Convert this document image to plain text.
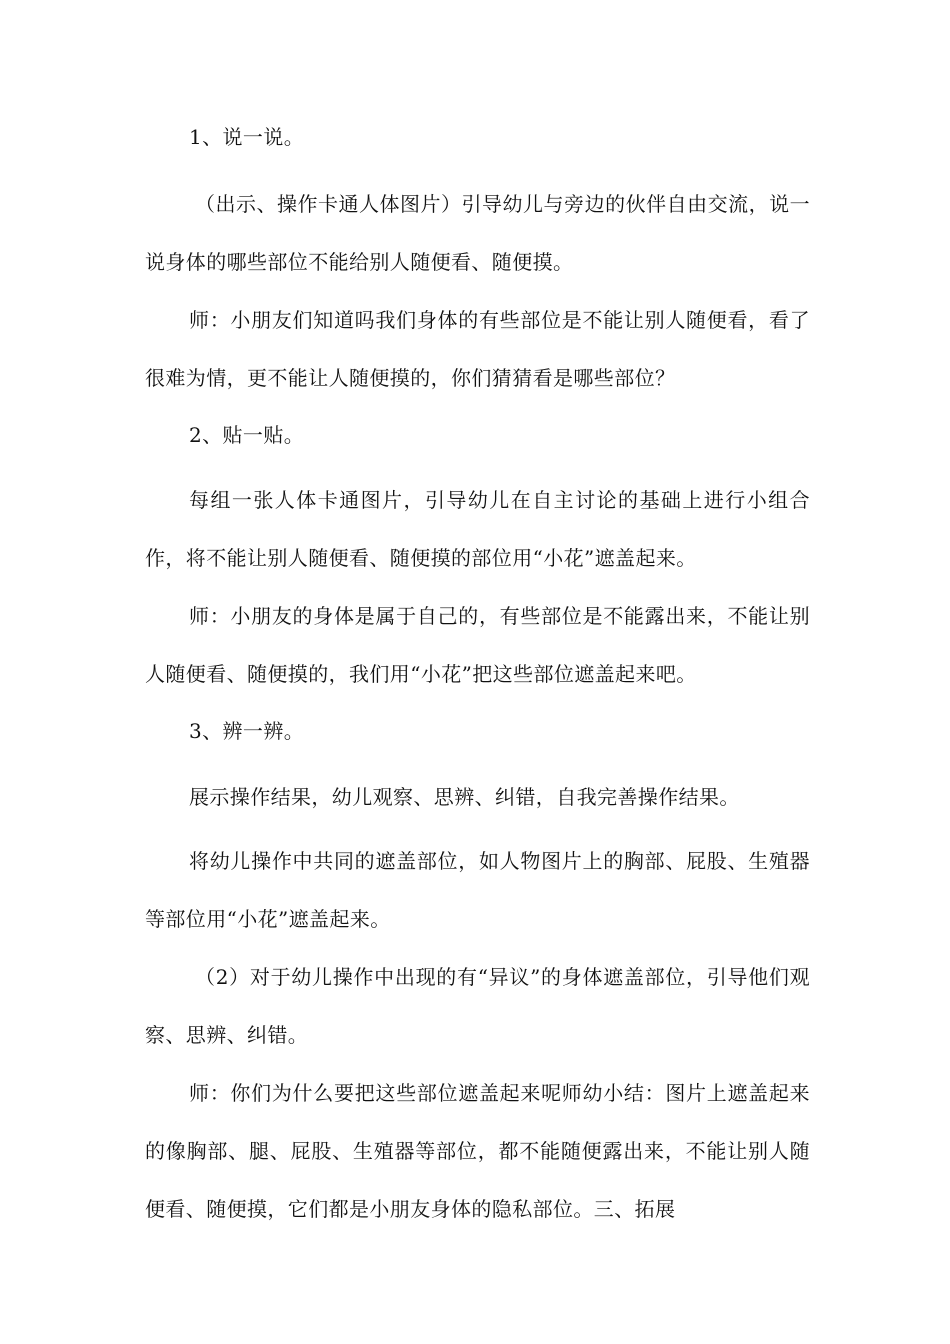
1、说一说。

（出示、操作卡通人体图片）引导幼儿与旁边的伙伴自由交流，说一说身体的哪些部位不能给别人随便看、随便摸。

师：小朋友们知道吗我们身体的有些部位是不能让别人随便看，看了很难为情，更不能让人随便摸的，你们猜猜看是哪些部位？

2、贴一贴。

每组一张人体卡通图片，引导幼儿在自主讨论的基础上进行小组合作，将不能让别人随便看、随便摸的部位用“小花”遮盖起来。

师：小朋友的身体是属于自己的，有些部位是不能露出来，不能让别人随便看、随便摸的，我们用“小花”把这些部位遮盖起来吧。

3、辨一辨。

展示操作结果，幼儿观察、思辨、纠错，自我完善操作结果。

将幼儿操作中共同的遮盖部位，如人物图片上的胸部、屁股、生殖器等部位用“小花”遮盖起来。

（2）对于幼儿操作中出现的有“异议”的身体遮盖部位，引导他们观察、思辨、纠错。

师：你们为什么要把这些部位遮盖起来呢师幼小结：图片上遮盖起来的像胸部、腿、屁股、生殖器等部位，都不能随便露出来，不能让别人随便看、随便摸，它们都是小朋友身体的隐私部位。三、拓展
